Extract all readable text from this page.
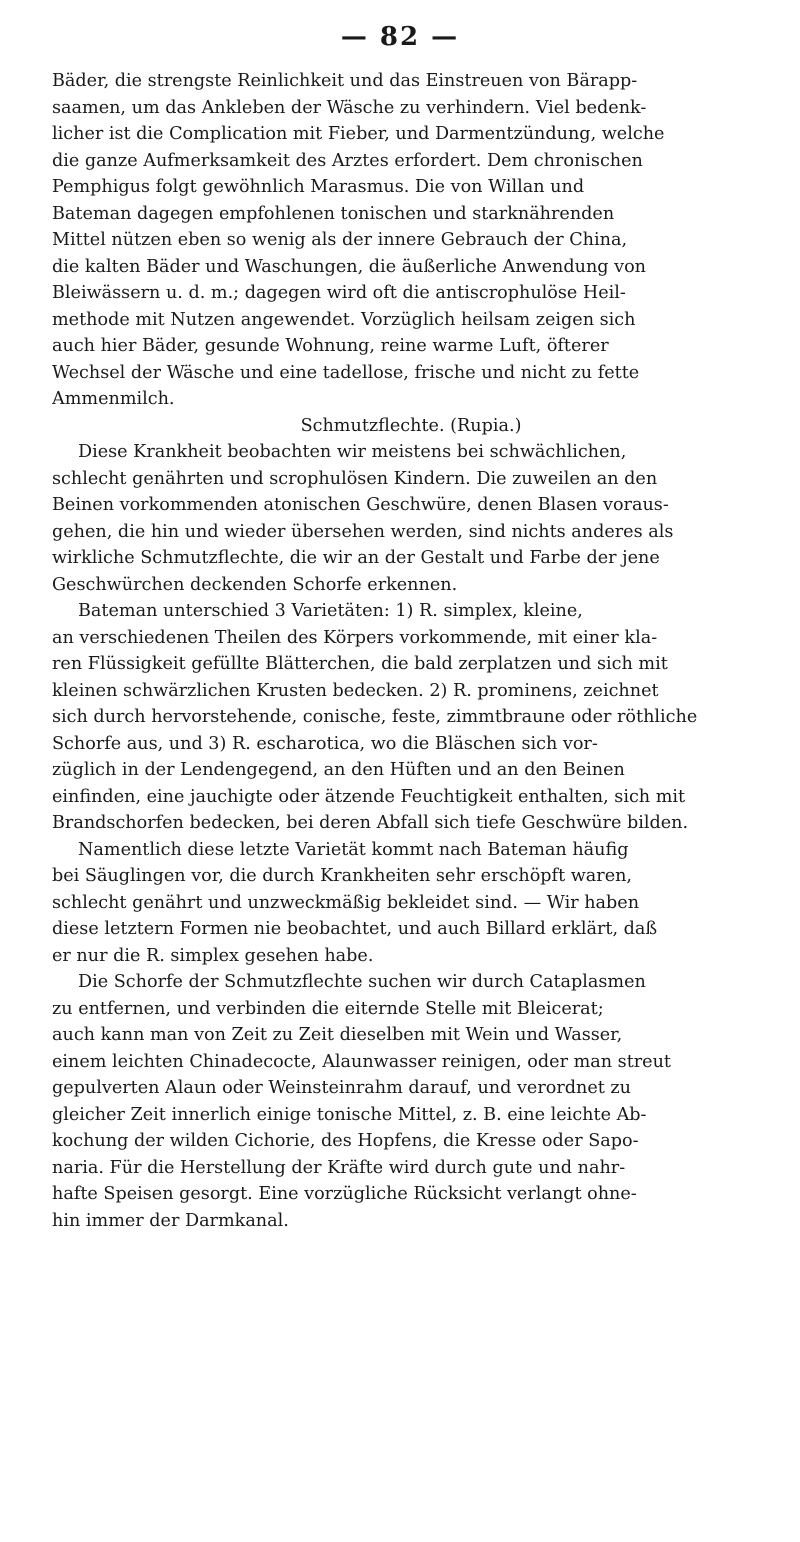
— 82 —
Bäder, die strengste Reinlichkeit und das Einstreuen von Bärapp-
saamen, um das Ankleben der Wäsche zu verhindern. Viel bedenk-
licher ist die Complication mit Fieber, und Darmentzündung, welche
die ganze Aufmerksamkeit des Arztes erfordert. Dem chronischen
Pemphigus folgt gewöhnlich Marasmus. Die von Willan und
Bateman dagegen empfohlenen tonischen und starknährenden
Mittel nützen eben so wenig als der innere Gebrauch der China,
die kalten Bäder und Waschungen, die äußerliche Anwendung von
Bleiwässern u. d. m.; dagegen wird oft die antiscrophulöse Heil-
methode mit Nutzen angewendet. Vorzüglich heilsam zeigen sich
auch hier Bäder, gesunde Wohnung, reine warme Luft, öfterer
Wechsel der Wäsche und eine tadellose, frische und nicht zu fette
Ammenmilch.
Schmutzflechte. (Rupia.)
Diese Krankheit beobachten wir meistens bei schwächlichen,
schlecht genährten und scrophulösen Kindern. Die zuweilen an den
Beinen vorkommenden atonischen Geschwüre, denen Blasen voraus-
gehen, die hin und wieder übersehen werden, sind nichts anderes als
wirkliche Schmutzflechte, die wir an der Gestalt und Farbe der jene
Geschwürchen deckenden Schorfe erkennen.
Bateman unterschied 3 Varietäten: 1) R. simplex, kleine,
an verschiedenen Theilen des Körpers vorkommende, mit einer kla-
ren Flüssigkeit gefüllte Blätterchen, die bald zerplatzen und sich mit
kleinen schwärzlichen Krusten bedecken. 2) R. prominens, zeichnet
sich durch hervorstehende, conische, feste, zimmtbraune oder röthliche
Schorfe aus, und 3) R. escharotica, wo die Bläschen sich vor-
züglich in der Lendengegend, an den Hüften und an den Beinen
einfinden, eine jauchigte oder ätzende Feuchtigkeit enthalten, sich mit
Brandschorfen bedecken, bei deren Abfall sich tiefe Geschwüre bilden.
Namentlich diese letzte Varietät kommt nach Bateman häufig
bei Säuglingen vor, die durch Krankheiten sehr erschöpft waren,
schlecht genährt und unzweckmäßig bekleidet sind. — Wir haben
diese letztern Formen nie beobachtet, und auch Billard erklärt, daß
er nur die R. simplex gesehen habe.
Die Schorfe der Schmutzflechte suchen wir durch Cataplasmen
zu entfernen, und verbinden die eiternde Stelle mit Bleicerat;
auch kann man von Zeit zu Zeit dieselben mit Wein und Wasser,
einem leichten Chinadecocte, Alaunwasser reinigen, oder man streut
gepulverten Alaun oder Weinsteinrahm darauf, und verordnet zu
gleicher Zeit innerlich einige tonische Mittel, z. B. eine leichte Ab-
kochung der wilden Cichorie, des Hopfens, die Kresse oder Sapo-
naria. Für die Herstellung der Kräfte wird durch gute und nahr-
hafte Speisen gesorgt. Eine vorzügliche Rücksicht verlangt ohne-
hin immer der Darmkanal.
